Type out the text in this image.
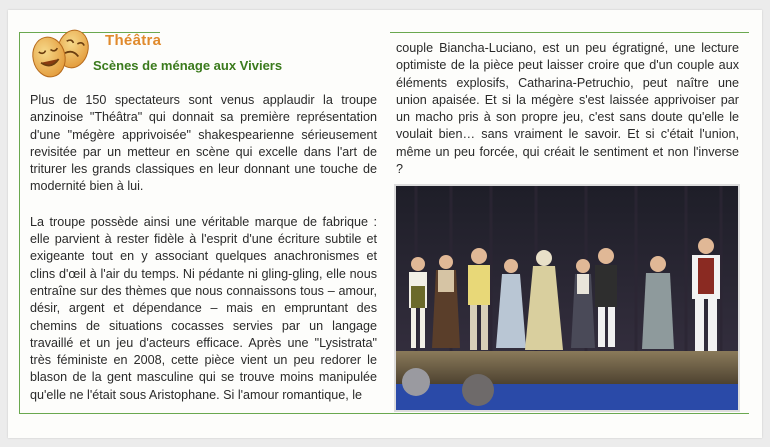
Théâtra
Scènes de ménage aux Viviers

Plus de 150 spectateurs sont venus applaudir la troupe anzinoise "Théâtra" qui donnait sa première représentation d'une "mégère apprivoisée" shakespearienne sérieusement revisitée par un metteur en scène qui excelle dans l'art de triturer les grands classiques en leur donnant une touche de modernité bien à lui.

La troupe possède ainsi une véritable marque de fabrique : elle parvient à rester fidèle à l'esprit d'une écriture subtile et exigeante tout en y associant quelques anachronismes et clins d'œil à l'air du temps. Ni pédante ni gling-gling, elle nous entraîne sur des thèmes que nous connaissons tous – amour, désir, argent et dépendance – mais en empruntant des chemins de situations cocasses servies par un langage travaillé et un jeu d'acteurs efficace. Après une "Lysistrata" très féministe en 2008, cette pièce vient un peu redorer le blason de la gent masculine qui se trouve moins manipulée qu'elle ne l'était sous Aristophane. Si l'amour romantique, le

couple Biancha-Luciano, est un peu égratigné, une lecture optimiste de la pièce peut laisser croire que d'un couple aux éléments explosifs, Catharina-Petruchio, peut naître une union apaisée. Et si la mégère s'est laissée apprivoiser par un macho pris à son propre jeu, c'est sans doute qu'elle le voulait bien… sans vraiment le savoir. Et si c'était l'union, même un peu forcée, qui créait le sentiment et non l'inverse ?
